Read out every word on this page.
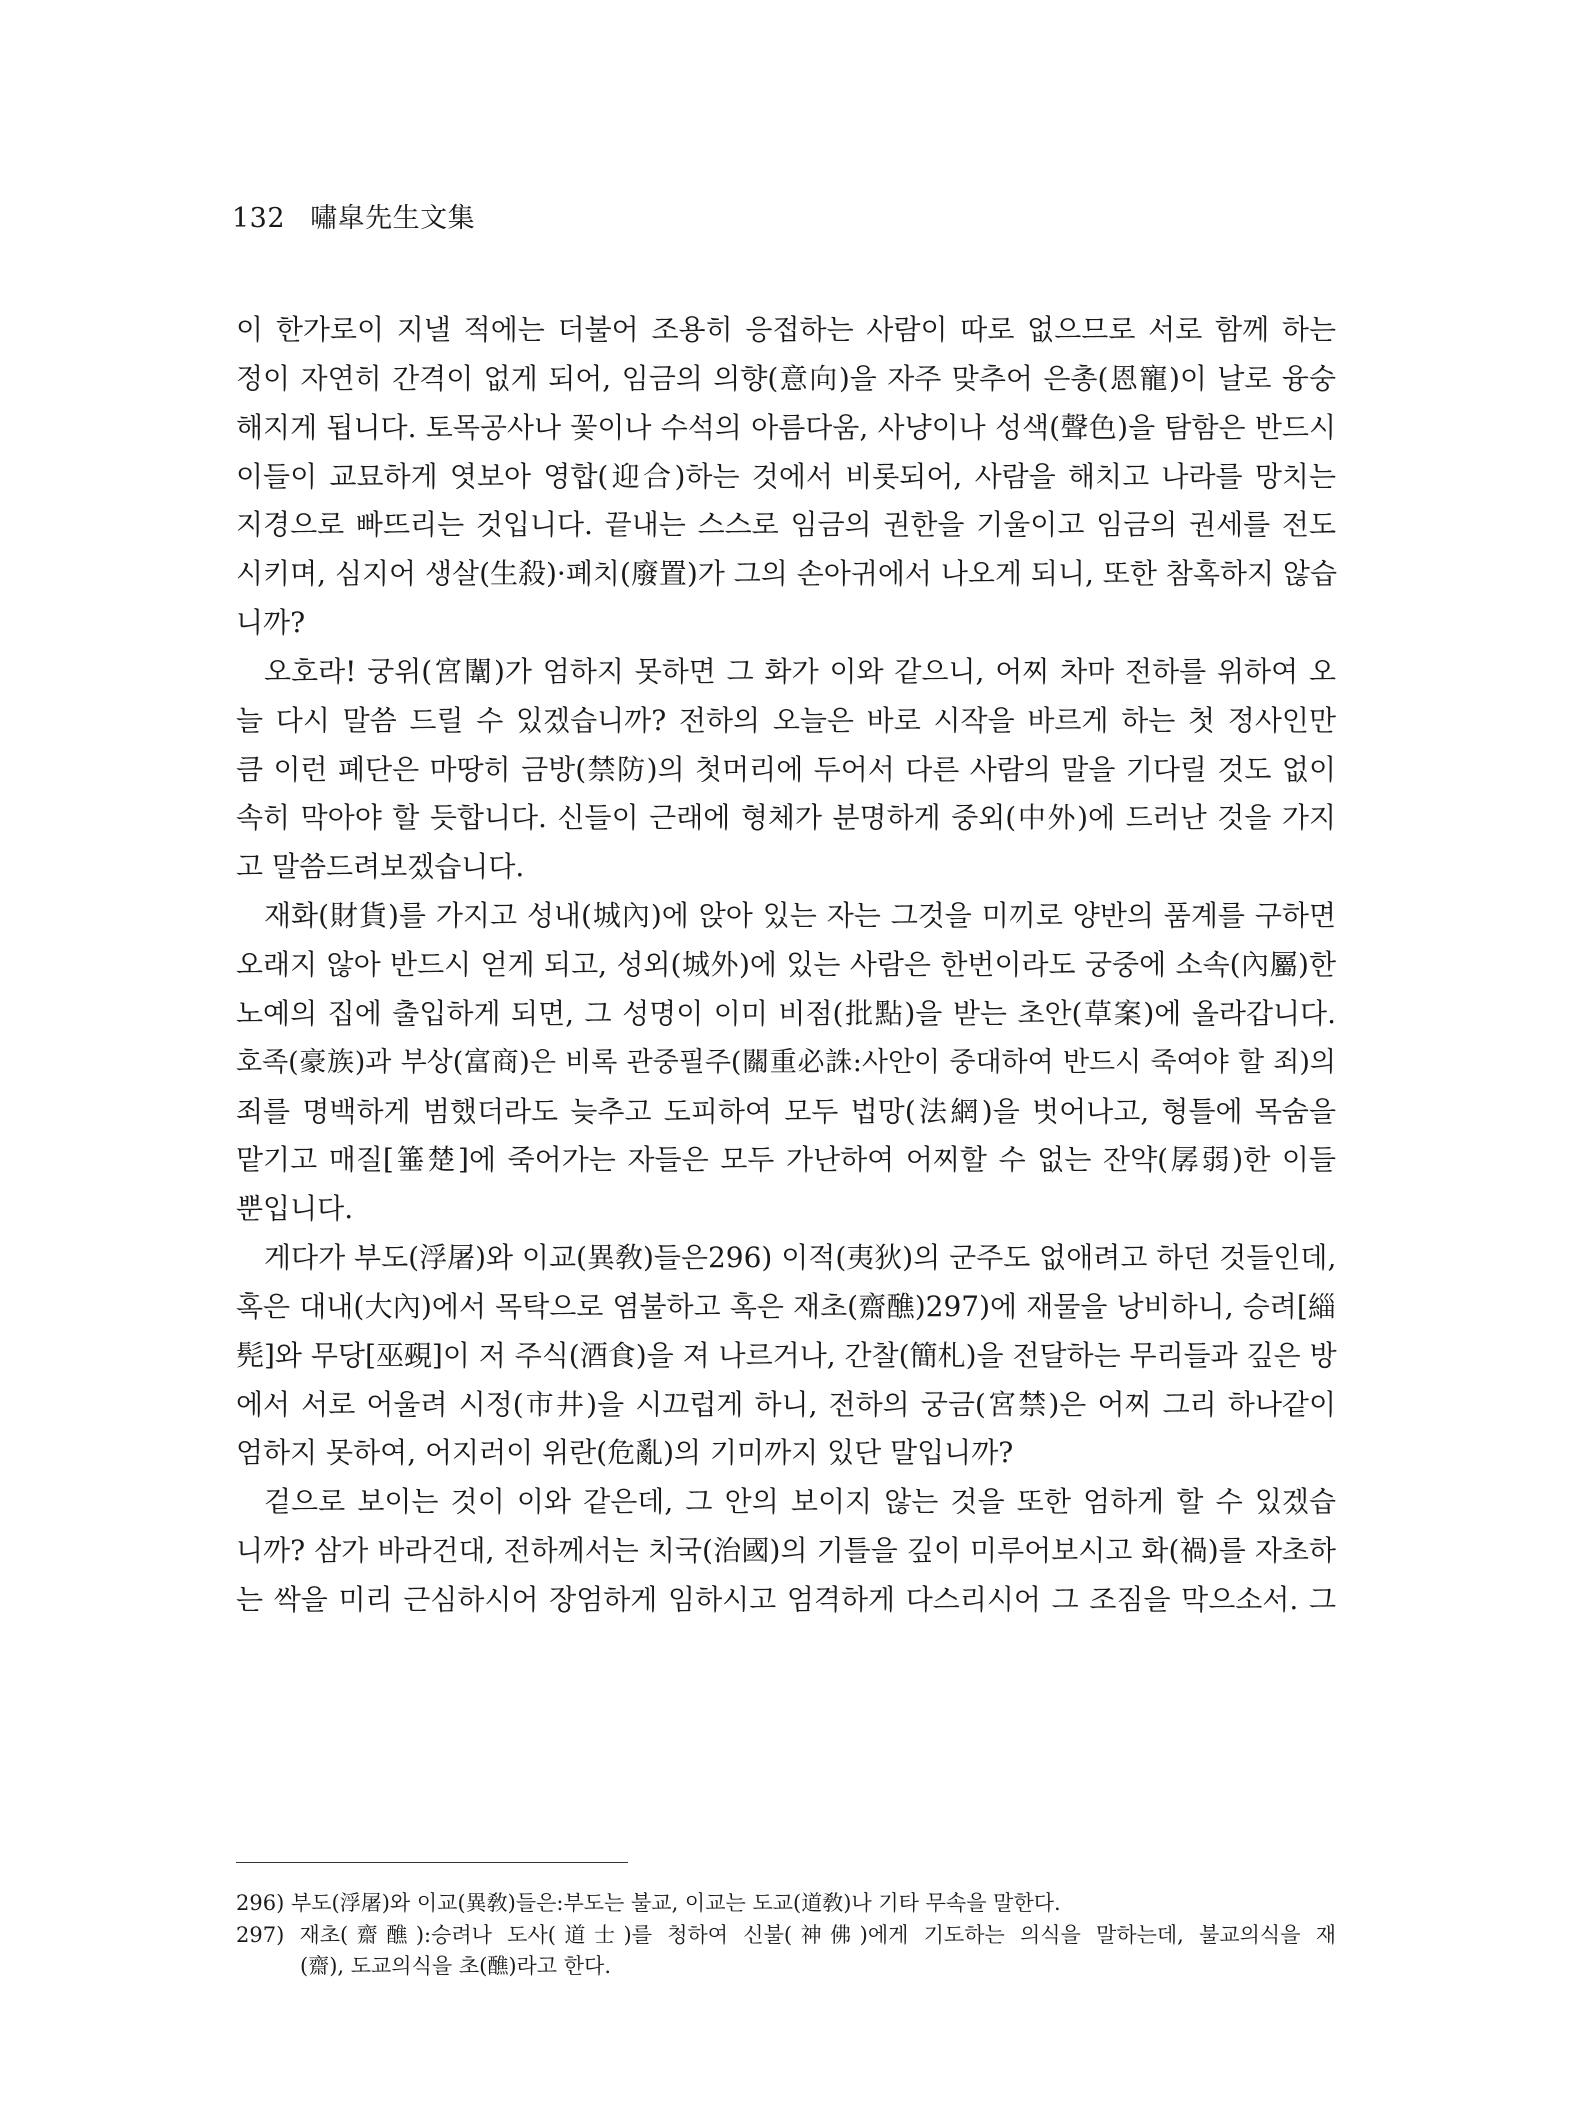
132 嘯皐先生文集
이 한가로이 지낼 적에는 더불어 조용히 응접하는 사람이 따로 없으므로 서로 함께 하는
정이 자연히 간격이 없게 되어, 임금의 의향(意向)을 자주 맞추어 은총(恩寵)이 날로 융숭
해지게 됩니다. 토목공사나 꽃이나 수석의 아름다움, 사냥이나 성색(聲色)을 탐함은 반드시
이들이 교묘하게 엿보아 영합(迎合)하는 것에서 비롯되어, 사람을 해치고 나라를 망치는
지경으로 빠뜨리는 것입니다. 끝내는 스스로 임금의 권한을 기울이고 임금의 권세를 전도
시키며, 심지어 생살(生殺)·폐치(廢置)가 그의 손아귀에서 나오게 되니, 또한 참혹하지 않습
니까?
오호라! 궁위(宮闈)가 엄하지 못하면 그 화가 이와 같으니, 어찌 차마 전하를 위하여 오
늘 다시 말씀 드릴 수 있겠습니까? 전하의 오늘은 바로 시작을 바르게 하는 첫 정사인만
큼 이런 폐단은 마땅히 금방(禁防)의 첫머리에 두어서 다른 사람의 말을 기다릴 것도 없이
속히 막아야 할 듯합니다. 신들이 근래에 형체가 분명하게 중외(中外)에 드러난 것을 가지
고 말씀드려보겠습니다.
재화(財貨)를 가지고 성내(城內)에 앉아 있는 자는 그것을 미끼로 양반의 품계를 구하면
오래지 않아 반드시 얻게 되고, 성외(城外)에 있는 사람은 한번이라도 궁중에 소속(內屬)한
노예의 집에 출입하게 되면, 그 성명이 이미 비점(批點)을 받는 초안(草案)에 올라갑니다.
호족(豪族)과 부상(富商)은 비록 관중필주(關重必誅:사안이 중대하여 반드시 죽여야 할 죄)의
죄를 명백하게 범했더라도 늦추고 도피하여 모두 법망(法網)을 벗어나고, 형틀에 목숨을
맡기고 매질[箠楚]에 죽어가는 자들은 모두 가난하여 어찌할 수 없는 잔약(孱弱)한 이들
뿐입니다.
게다가 부도(浮屠)와 이교(異敎)들은296) 이적(夷狄)의 군주도 없애려고 하던 것들인데,
혹은 대내(大內)에서 목탁으로 염불하고 혹은 재초(齋醮)297)에 재물을 낭비하니, 승려[緇
髡]와 무당[巫覡]이 저 주식(酒食)을 져 나르거나, 간찰(簡札)을 전달하는 무리들과 깊은 방
에서 서로 어울려 시정(市井)을 시끄럽게 하니, 전하의 궁금(宮禁)은 어찌 그리 하나같이
엄하지 못하여, 어지러이 위란(危亂)의 기미까지 있단 말입니까?
겉으로 보이는 것이 이와 같은데, 그 안의 보이지 않는 것을 또한 엄하게 할 수 있겠습
니까? 삼가 바라건대, 전하께서는 치국(治國)의 기틀을 깊이 미루어보시고 화(禍)를 자초하
는 싹을 미리 근심하시어 장엄하게 임하시고 엄격하게 다스리시어 그 조짐을 막으소서. 그
296) 부도(浮屠)와 이교(異敎)들은:부도는 불교, 이교는 도교(道敎)나 기타 무속을 말한다.
297) 재초(齋醮):승려나 도사(道士)를 청하여 신불(神佛)에게 기도하는 의식을 말하는데, 불교의식을 재
(齋), 도교의식을 초(醮)라고 한다.
